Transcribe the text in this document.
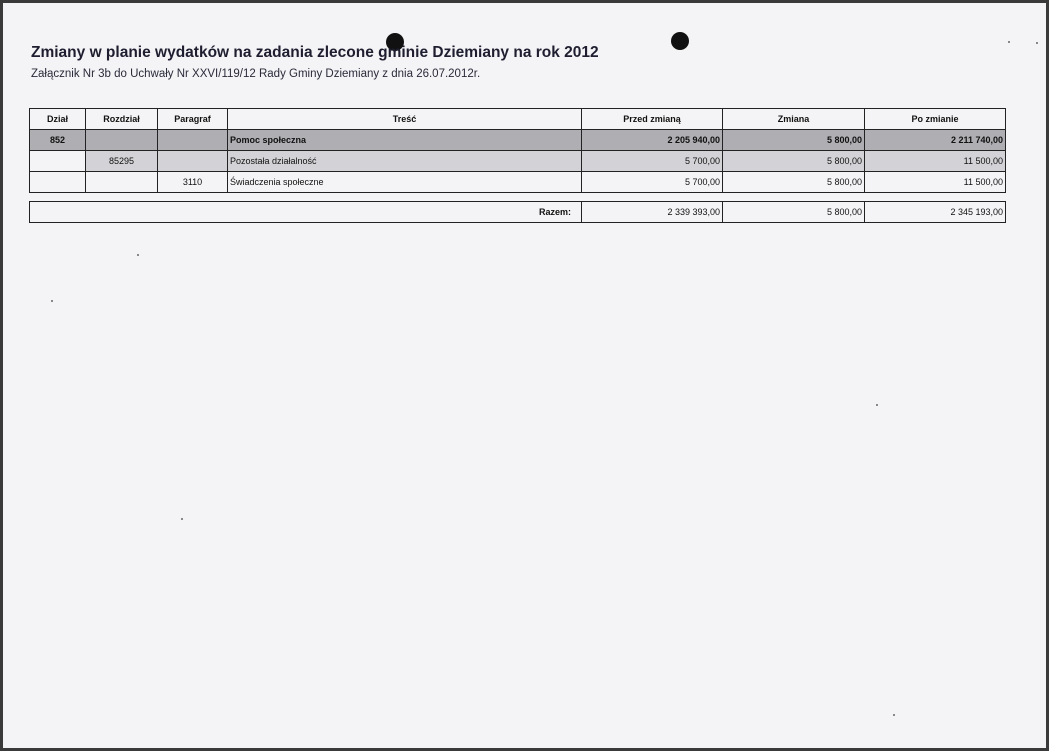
Zmiany w planie wydatków na zadania zlecone gminie Dziemiany na rok 2012

Załącznik Nr 3b do Uchwały Nr XXVI/119/12 Rady Gminy Dziemiany z dnia 26.07.2012r.

Dział	Rozdział	Paragraf	Treść	Przed zmianą	Zmiana	Po zmianie
852			Pomoc społeczna	2 205 940,00	5 800,00	2 211 740,00
	85295		Pozostała działalność	5 700,00	5 800,00	11 500,00
		3110	Świadczenia społeczne	5 700,00	5 800,00	11 500,00
Razem:	2 339 393,00	5 800,00	2 345 193,00
